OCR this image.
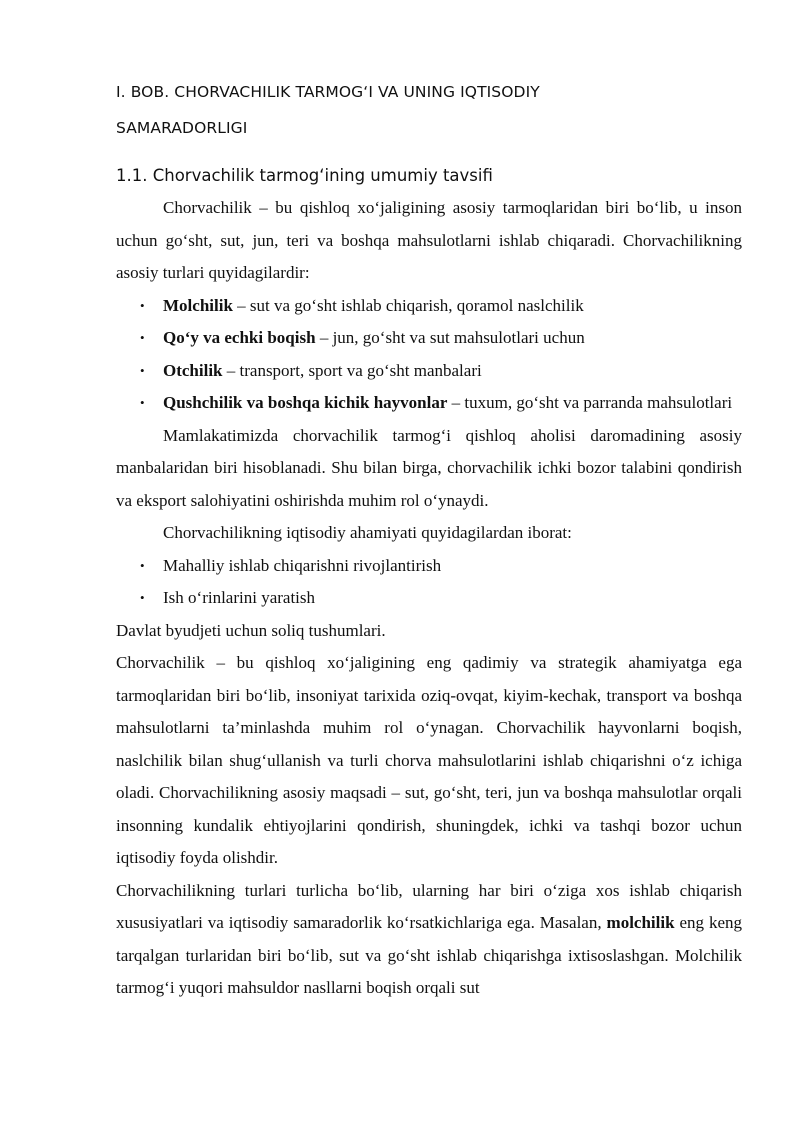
I. BOB. CHORVACHILIK TARMOG‘I VA UNING IQTISODIY
SAMARADORLIGI
1.1. Chorvachilik tarmog‘ining umumiy tavsifi

Chorvachilik – bu qishloq xo‘jaligining asosiy tarmoqlaridan biri bo‘lib, u inson uchun go‘sht, sut, jun, teri va boshqa mahsulotlarni ishlab chiqaradi. Chorvachilikning asosiy turlari quyidagilardir:

• Molchilik – sut va go‘sht ishlab chiqarish, qoramol naslchilik
• Qo‘y va echki boqish – jun, go‘sht va sut mahsulotlari uchun
• Otchilik – transport, sport va go‘sht manbalari
• Qushchilik va boshqa kichik hayvonlar – tuxum, go‘sht va parranda mahsulotlari

Mamlakatimizda chorvachilik tarmog‘i qishloq aholisi daromadining asosiy manbalaridan biri hisoblanadi. Shu bilan birga, chorvachilik ichki bozor talabini qondirish va eksport salohiyatini oshirishda muhim rol o‘ynaydi.

Chorvachilikning iqtisodiy ahamiyati quyidagilardan iborat:

• Mahalliy ishlab chiqarishni rivojlantirish
• Ish o‘rinlarini yaratish

Davlat byudjeti uchun soliq tushumlari.

Chorvachilik – bu qishloq xo‘jaligining eng qadimiy va strategik ahamiyatga ega tarmoqlaridan biri bo‘lib, insoniyat tarixida oziq-ovqat, kiyim-kechak, transport va boshqa mahsulotlarni ta’minlashda muhim rol o‘ynagan. Chorvachilik hayvonlarni boqish, naslchilik bilan shug‘ullanish va turli chorva mahsulotlarini ishlab chiqarishni o‘z ichiga oladi. Chorvachilikning asosiy maqsadi – sut, go‘sht, teri, jun va boshqa mahsulotlar orqali insonning kundalik ehtiyojlarini qondirish, shuningdek, ichki va tashqi bozor uchun iqtisodiy foyda olishdir.

Chorvachilikning turlari turlicha bo‘lib, ularning har biri o‘ziga xos ishlab chiqarish xususiyatlari va iqtisodiy samaradorlik ko‘rsatkichlariga ega. Masalan, molchilik eng keng tarqalgan turlaridan biri bo‘lib, sut va go‘sht ishlab chiqarishga ixtisoslashgan. Molchilik tarmog‘i yuqori mahsuldor nasllarni boqish orqali sut
